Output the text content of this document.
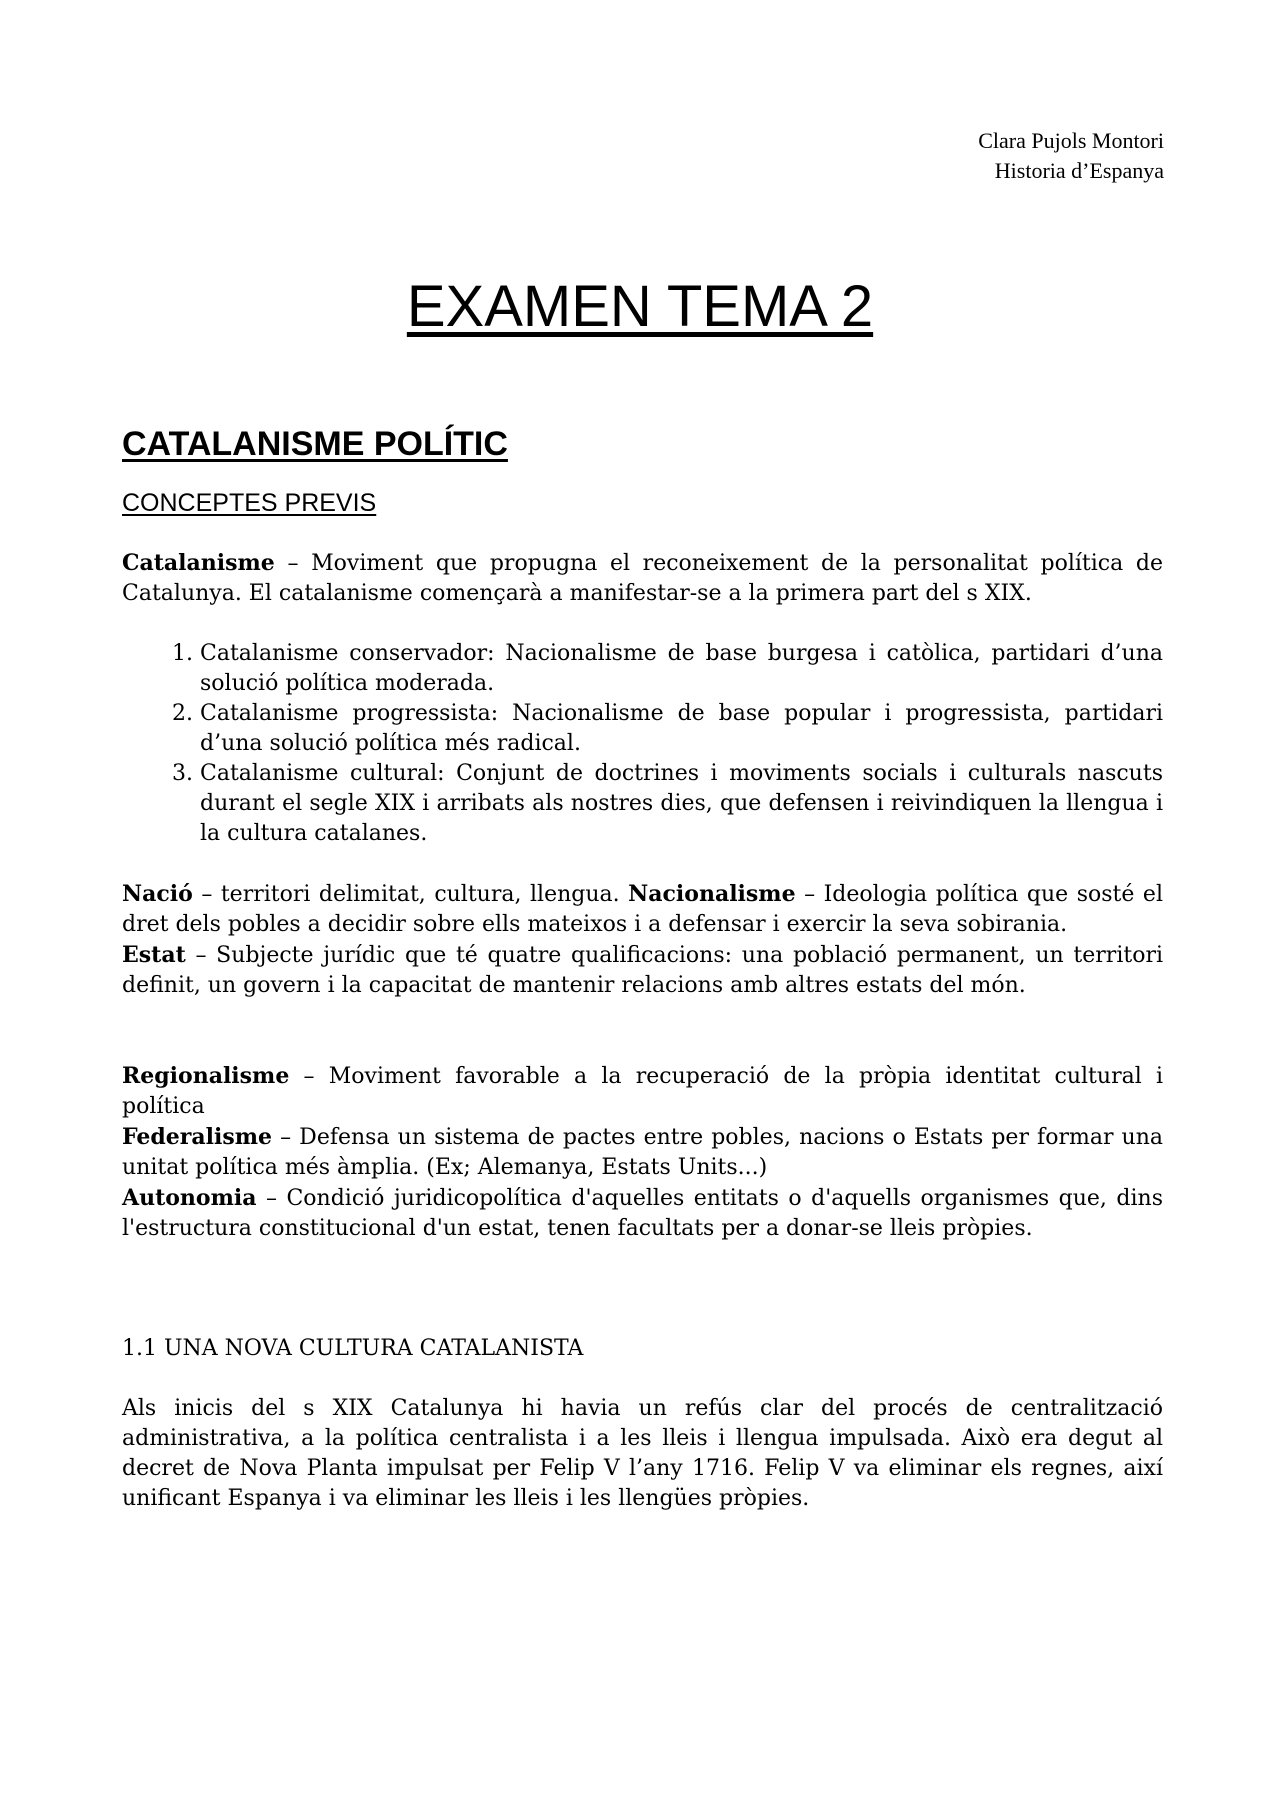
Clara Pujols Montori
Historia d’Espanya
EXAMEN TEMA 2
CATALANISME POLÍTIC
CONCEPTES PREVIS

Catalanisme – Moviment que propugna el reconeixement de la personalitat política de Catalunya. El catalanisme començarà a manifestar-se a la primera part del s XIX.

1. Catalanisme conservador: Nacionalisme de base burgesa i catòlica, partidari d’una solució política moderada.
2. Catalanisme progressista: Nacionalisme de base popular i progressista, partidari d’una solució política més radical.
3. Catalanisme cultural: Conjunt de doctrines i moviments socials i culturals nascuts durant el segle XIX i arribats als nostres dies, que defensen i reivindiquen la llengua i la cultura catalanes.

Nació – territori delimitat, cultura, llengua. Nacionalisme – Ideologia política que sosté el dret dels pobles a decidir sobre ells mateixos i a defensar i exercir la seva sobirania.

Estat – Subjecte jurídic que té quatre qualificacions: una població permanent, un territori definit, un govern i la capacitat de mantenir relacions amb altres estats del món.

Regionalisme – Moviment favorable a la recuperació de la pròpia identitat cultural i política

Federalisme – Defensa un sistema de pactes entre pobles, nacions o Estats per formar una unitat política més àmplia. (Ex; Alemanya, Estats Units...)

Autonomia – Condició juridicopolítica d'aquelles entitats o d'aquells organismes que, dins l'estructura constitucional d'un estat, tenen facultats per a donar-se lleis pròpies.

1.1 UNA NOVA CULTURA CATALANISTA

Als inicis del s XIX Catalunya hi havia un refús clar del procés de centralització administrativa, a la política centralista i a les lleis i llengua impulsada. Això era degut al decret de Nova Planta impulsat per Felip V l’any 1716. Felip V va eliminar els regnes, així unificant Espanya i va eliminar les lleis i les llengües pròpies.
